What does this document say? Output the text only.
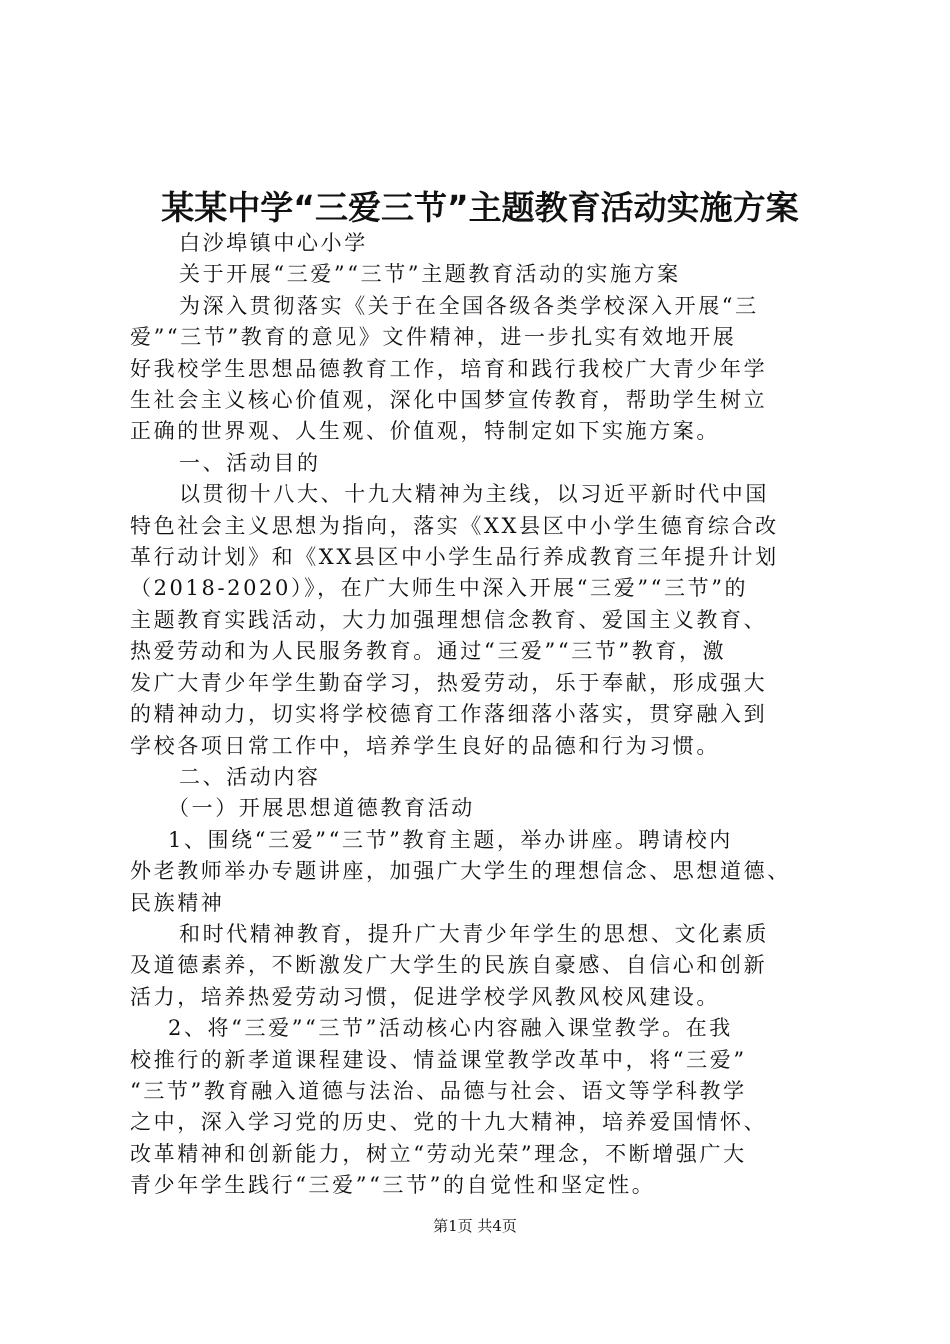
某某中学“三爱三节”主题教育活动实施方案
白沙埠镇中心小学
关于开展“三爱”“三节”主题教育活动的实施方案
为深入贯彻落实《关于在全国各级各类学校深入开展“三
爱”“三节”教育的意见》文件精神，进一步扎实有效地开展
好我校学生思想品德教育工作，培育和践行我校广大青少年学
生社会主义核心价值观，深化中国梦宣传教育，帮助学生树立
正确的世界观、人生观、价值观，特制定如下实施方案。
一、活动目的
以贯彻十八大、十九大精神为主线，以习近平新时代中国
特色社会主义思想为指向，落实《XX县区中小学生德育综合改
革行动计划》和《XX县区中小学生品行养成教育三年提升计划
（2018-2020）》，在广大师生中深入开展“三爱”“三节”的
主题教育实践活动，大力加强理想信念教育、爱国主义教育、
热爱劳动和为人民服务教育。通过“三爱”“三节”教育，激
发广大青少年学生勤奋学习，热爱劳动，乐于奉献，形成强大
的精神动力，切实将学校德育工作落细落小落实，贯穿融入到
学校各项日常工作中，培养学生良好的品德和行为习惯。
二、活动内容
（一）开展思想道德教育活动
1、围绕“三爱”“三节”教育主题，举办讲座。聘请校内
外老教师举办专题讲座，加强广大学生的理想信念、思想道德、
民族精神
和时代精神教育，提升广大青少年学生的思想、文化素质
及道德素养，不断激发广大学生的民族自豪感、自信心和创新
活力，培养热爱劳动习惯，促进学校学风教风校风建设。
2、将“三爱”“三节”活动核心内容融入课堂教学。在我
校推行的新孝道课程建设、情益课堂教学改革中，将“三爱”
“三节”教育融入道德与法治、品德与社会、语文等学科教学
之中，深入学习党的历史、党的十九大精神，培养爱国情怀、
改革精神和创新能力，树立“劳动光荣”理念，不断增强广大
青少年学生践行“三爱”“三节”的自觉性和坚定性。
第1页 共4页
